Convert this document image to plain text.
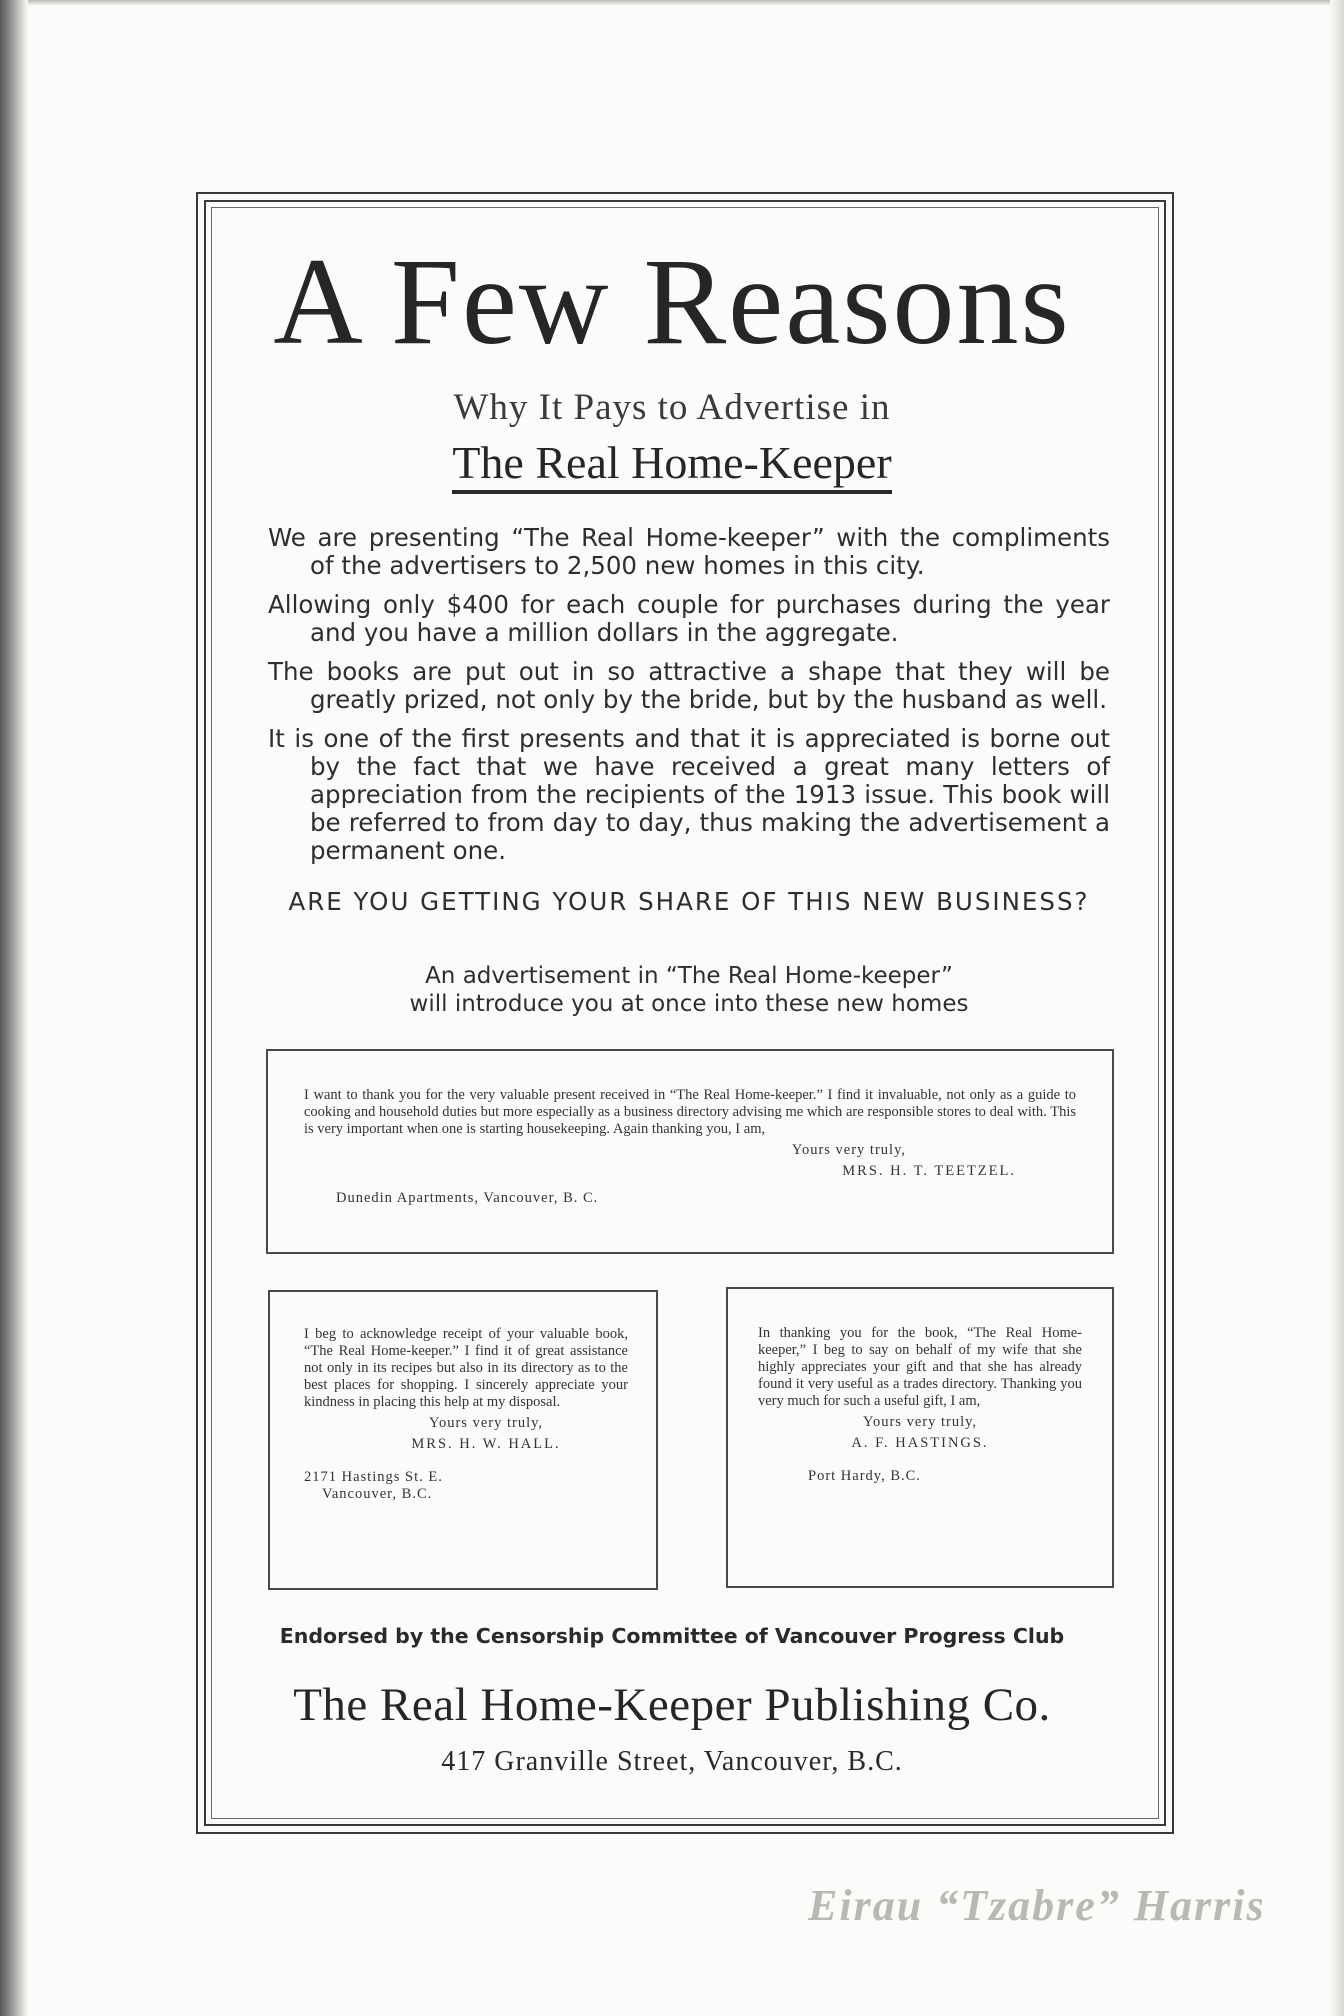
A Few Reasons
Why It Pays to Advertise in
The Real Home-Keeper

We are presenting “The Real Home-keeper” with the compliments of the advertisers to 2,500 new homes in this city.

Allowing only $400 for each couple for purchases during the year and you have a million dollars in the aggregate.

The books are put out in so attractive a shape that they will be greatly prized, not only by the bride, but by the husband as well.

It is one of the first presents and that it is appreciated is borne out by the fact that we have received a great many letters of appreciation from the recipients of the 1913 issue. This book will be referred to from day to day, thus making the advertisement a permanent one.

ARE YOU GETTING YOUR SHARE OF THIS NEW BUSINESS?
An advertisement in “The Real Home-keeper”
will introduce you at once into these new homes

I want to thank you for the very valuable present received in “The Real Home-keeper.” I find it invaluable, not only as a guide to cooking and household duties but more especially as a business directory advising me which are responsible stores to deal with. This is very important when one is starting housekeeping. Again thanking you, I am,

Yours very truly,

MRS. H. T. TEETZEL.

Dunedin Apartments, Vancouver, B. C.

I beg to acknowledge receipt of your valuable book, “The Real Home-keeper.” I find it of great assistance not only in its recipes but also in its directory as to the best places for shopping. I sincerely appreciate your kindness in placing this help at my disposal.

Yours very truly,

MRS. H. W. HALL.

2171 Hastings St. E.
Vancouver, B.C.

In thanking you for the book, “The Real Home-keeper,” I beg to say on behalf of my wife that she highly appreciates your gift and that she has already found it very useful as a trades directory. Thanking you very much for such a useful gift, I am,

Yours very truly,

A. F. HASTINGS.

Port Hardy, B.C.

Endorsed by the Censorship Committee of Vancouver Progress Club
The Real Home-Keeper Publishing Co.
417 Granville Street, Vancouver, B.C.
Eirau “Tzabre” Harris
